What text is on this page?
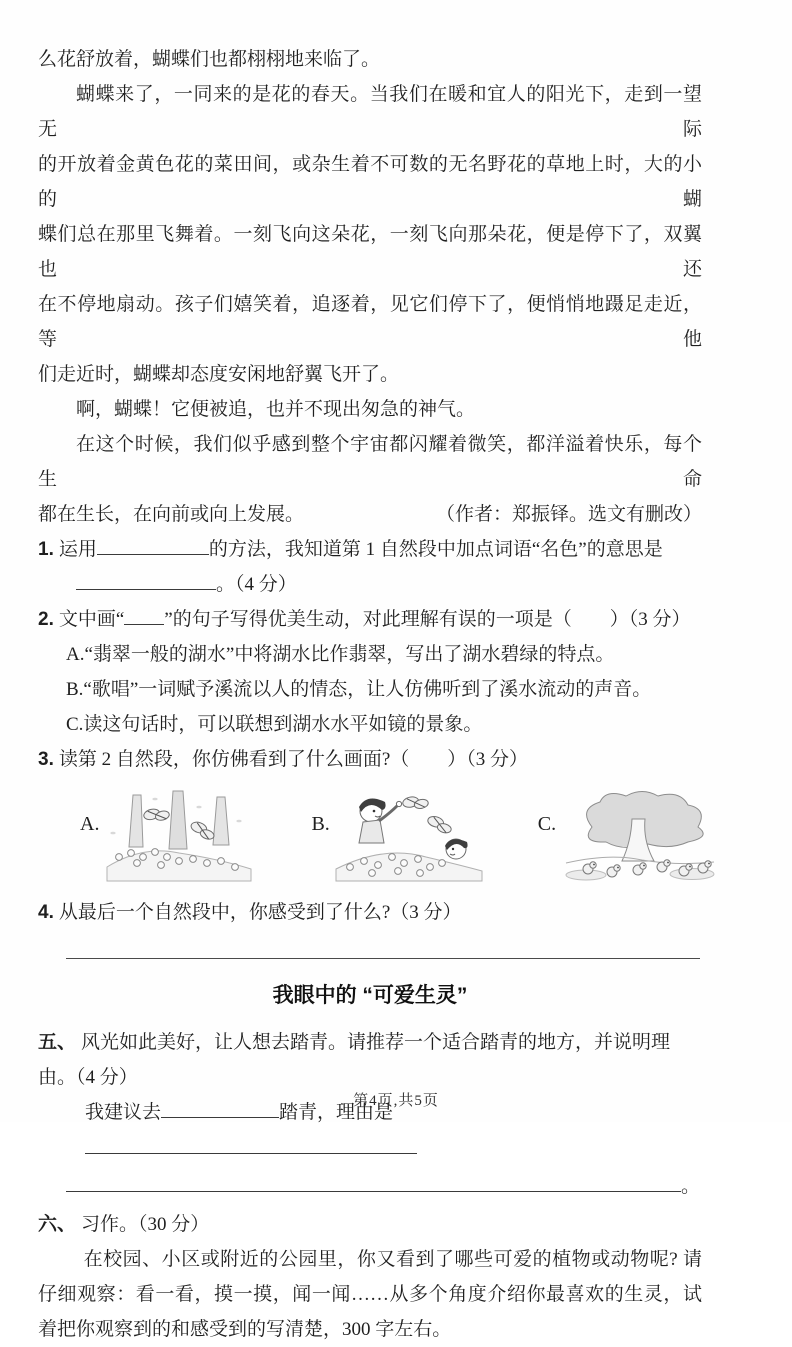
么花舒放着，蝴蝶们也都栩栩地来临了。
蝴蝶来了，一同来的是花的春天。当我们在暖和宜人的阳光下，走到一望无际
的开放着金黄色花的菜田间，或杂生着不可数的无名野花的草地上时，大的小的蝴
蝶们总在那里飞舞着。一刻飞向这朵花，一刻飞向那朵花，便是停下了，双翼也还
在不停地扇动。孩子们嬉笑着，追逐着，见它们停下了，便悄悄地蹑足走近，等他
们走近时，蝴蝶却态度安闲地舒翼飞开了。
啊，蝴蝶！它便被追，也并不现出匆急的神气。
在这个时候，我们似乎感到整个宇宙都闪耀着微笑，都洋溢着快乐，每个生命
都在生长，在向前或向上发展。	（作者：郑振铎。选文有删改）
1. 运用	的方法，我知道第 1 自然段中加点词语“名色”的意思是
。（4 分）
2. 文中画“ ”的句子写得优美生动，对此理解有误的一项是（　　）（3 分）
A.“翡翠一般的湖水”中将湖水比作翡翠，写出了湖水碧绿的特点。
B.“歌唱”一词赋予溪流以人的情态，让人仿佛听到了溪水流动的声音。
C.读这句话时，可以联想到湖水水平如镜的景象。
3. 读第 2 自然段，你仿佛看到了什么画面?（　　）（3 分）
A.	B.	C.
4. 从最后一个自然段中，你感受到了什么?（3 分）
我眼中的 “可爱生灵”
五、 风光如此美好，让人想去踏青。请推荐一个适合踏青的地方，并说明理由。（4 分）
我建议去	踏青，理由是
。
六、 习作。（30 分）
在校园、小区或附近的公园里，你又看到了哪些可爱的植物或动物呢? 请
仔细观察：看一看，摸一摸，闻一闻……从多个角度介绍你最喜欢的生灵，试
着把你观察到的和感受到的写清楚，300 字左右。
第4页,共5页
